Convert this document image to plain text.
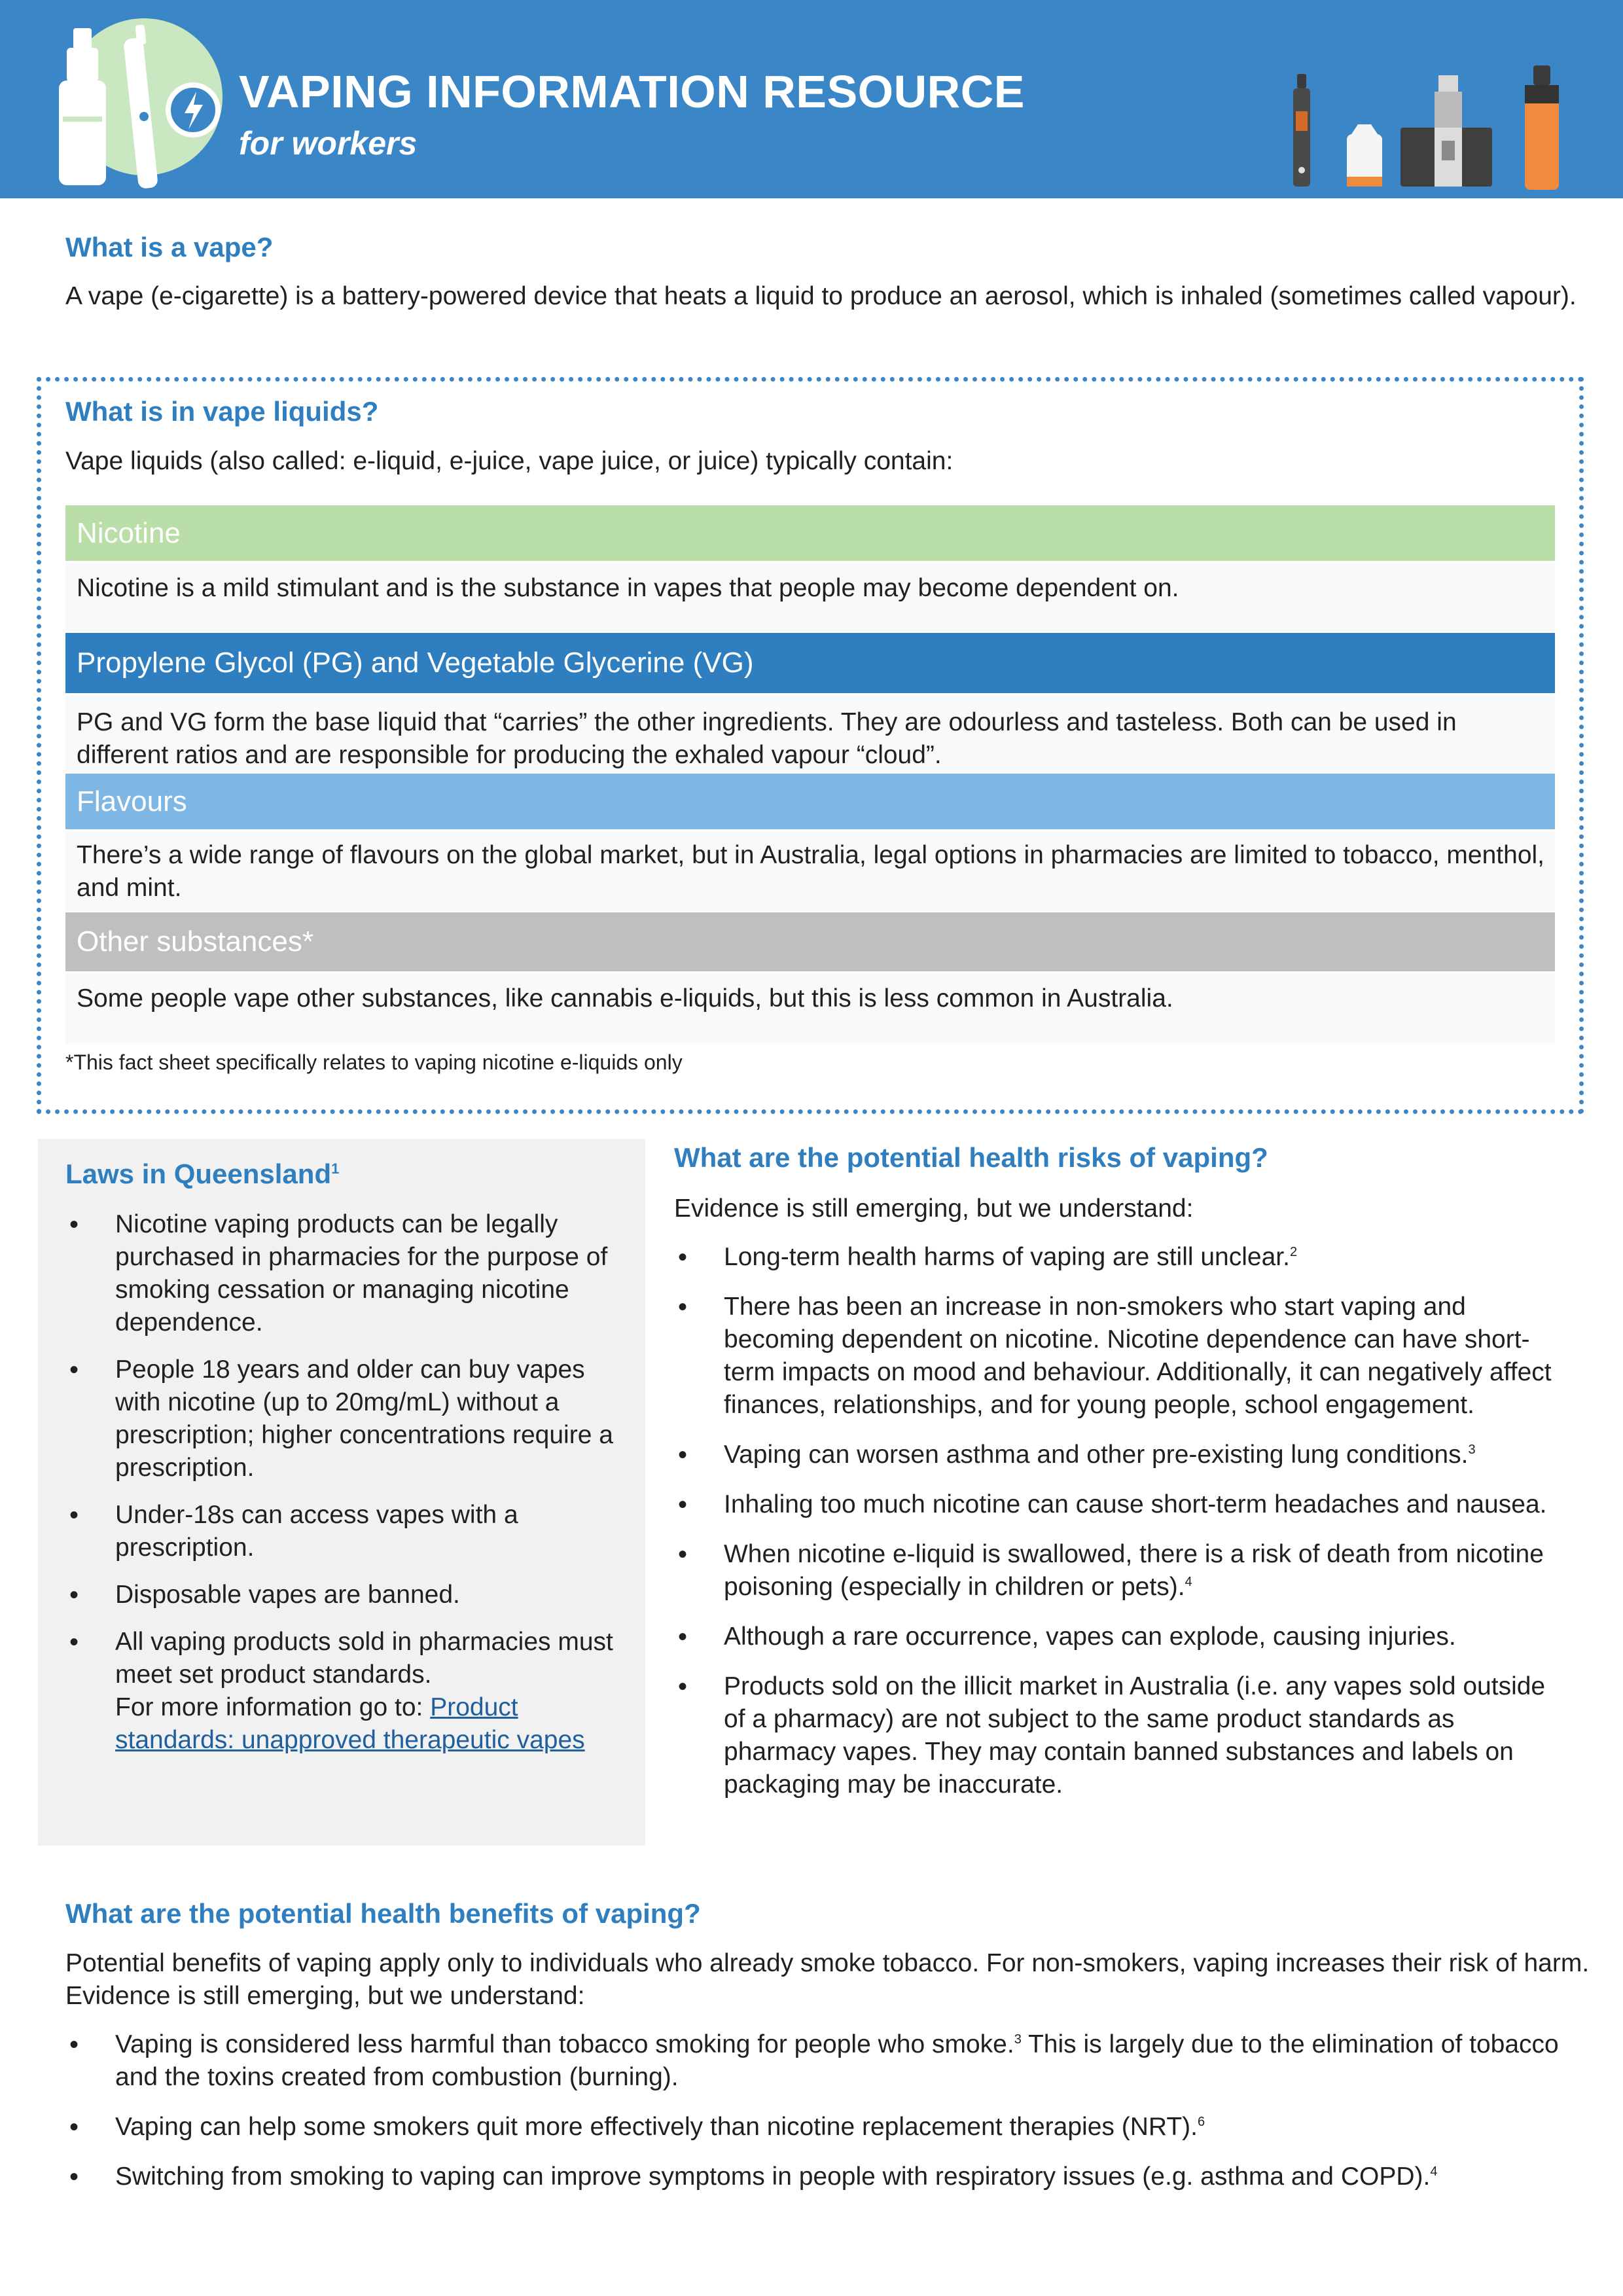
VAPING INFORMATION RESOURCE

for workers

What is a vape?

A vape (e-cigarette) is a battery-powered device that heats a liquid to produce an aerosol, which is inhaled (sometimes called vapour).

What is in vape liquids?

Vape liquids (also called: e-liquid, e-juice, vape juice, or juice) typically contain:

Nicotine
Nicotine is a mild stimulant and is the substance in vapes that people may become dependent on.
Propylene Glycol (PG) and Vegetable Glycerine (VG)
PG and VG form the base liquid that “carries” the other ingredients. They are odourless and tasteless. Both can be used in different ratios and are responsible for producing the exhaled vapour “cloud”.
Flavours
There’s a wide range of flavours on the global market, but in Australia, legal options in pharmacies are limited to tobacco, menthol, and mint.
Other substances*
Some people vape other substances, like cannabis e-liquids, but this is less common in Australia.

*This fact sheet specifically relates to vaping nicotine e-liquids only

Laws in Queensland$^1$
• Nicotine vaping products can be legally purchased in pharmacies for the purpose of smoking cessation or managing nicotine dependence.
• People 18 years and older can buy vapes with nicotine (up to 20mg/mL) without a prescription; higher concentrations require a prescription.
• Under-18s can access vapes with a prescription.
• Disposable vapes are banned.
• All vaping products sold in pharmacies must meet set product standards.
For more information go to: Product standards: unapproved therapeutic vapes
What are the potential health risks of vaping?

Evidence is still emerging, but we understand:

• Long-term health harms of vaping are still unclear.$^2$
• There has been an increase in non-smokers who start vaping and becoming dependent on nicotine. Nicotine dependence can have short-term impacts on mood and behaviour. Additionally, it can negatively affect finances, relationships, and for young people, school engagement.
• Vaping can worsen asthma and other pre-existing lung conditions.$^3$
• Inhaling too much nicotine can cause short-term headaches and nausea.
• When nicotine e-liquid is swallowed, there is a risk of death from nicotine poisoning (especially in children or pets).$^4$
• Although a rare occurrence, vapes can explode, causing injuries.
• Products sold on the illicit market in Australia (i.e. any vapes sold outside of a pharmacy) are not subject to the same product standards as pharmacy vapes. They may contain banned substances and labels on packaging may be inaccurate.
What are the potential health benefits of vaping?

Potential benefits of vaping apply only to individuals who already smoke tobacco. For non-smokers, vaping increases their risk of harm. Evidence is still emerging, but we understand:

• Vaping is considered less harmful than tobacco smoking for people who smoke.$^3$ This is largely due to the elimination of tobacco and the toxins created from combustion (burning).
• Vaping can help some smokers quit more effectively than nicotine replacement therapies (NRT).$^6$
• Switching from smoking to vaping can improve symptoms in people with respiratory issues (e.g. asthma and COPD).$^4$
